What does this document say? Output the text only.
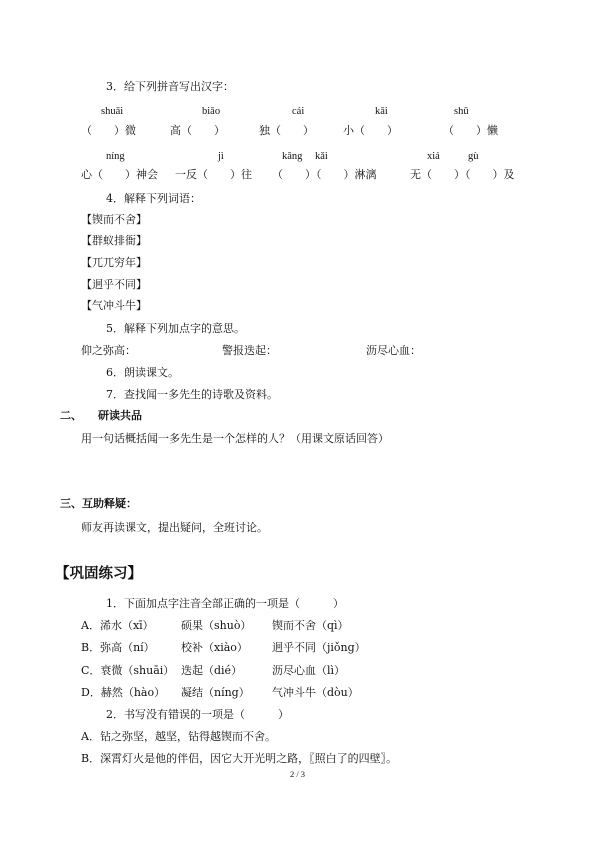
3．给下列拼音写出汉字：
shuāi	biāo	cái	kāi	shū
（　　）微	高（　　）	独（　　）	小（　　）	（　　）懒
níng	jì	kāng kǎi	xiá	gù
心（　　）神会 一反（　　）往 （　　）（　　）淋漓	无（　　）（　　）及
4．解释下列词语：
【锲而不舍】
【群蚁排衙】
【兀兀穷年】
【迥乎不同】
【气冲斗牛】
5．解释下列加点字的意思。
仰之弥高：	警报迭起：	沥尽心血：
6．朗读课文。
7．查找闻一多先生的诗歌及资料。
二、 研读共品
用一句话概括闻一多先生是一个怎样的人？（用课文原话回答）
三、互助释疑：
师友再读课文，提出疑问，全班讨论。
【巩固练习】
1．下面加点字注音全部正确的一项是（　　　）
A．浠水（xī） 硕果（shuò） 锲而不舍（qì）
B．弥高（ní） 校补（xiào） 迥乎不同（jiǒng）
C．衰微（shuāi） 迭起（dié）	沥尽心血（lì）
D．赫然（hào） 凝结（níng） 气冲斗牛（dòu）
2．书写没有错误的一项是（　　　）
A．钻之弥坚，越坚，钻得越锲而不舍。
B．深霄灯火是他的伴侣，因它大开光明之路，〖照白了的四壁〗。
2 / 3
